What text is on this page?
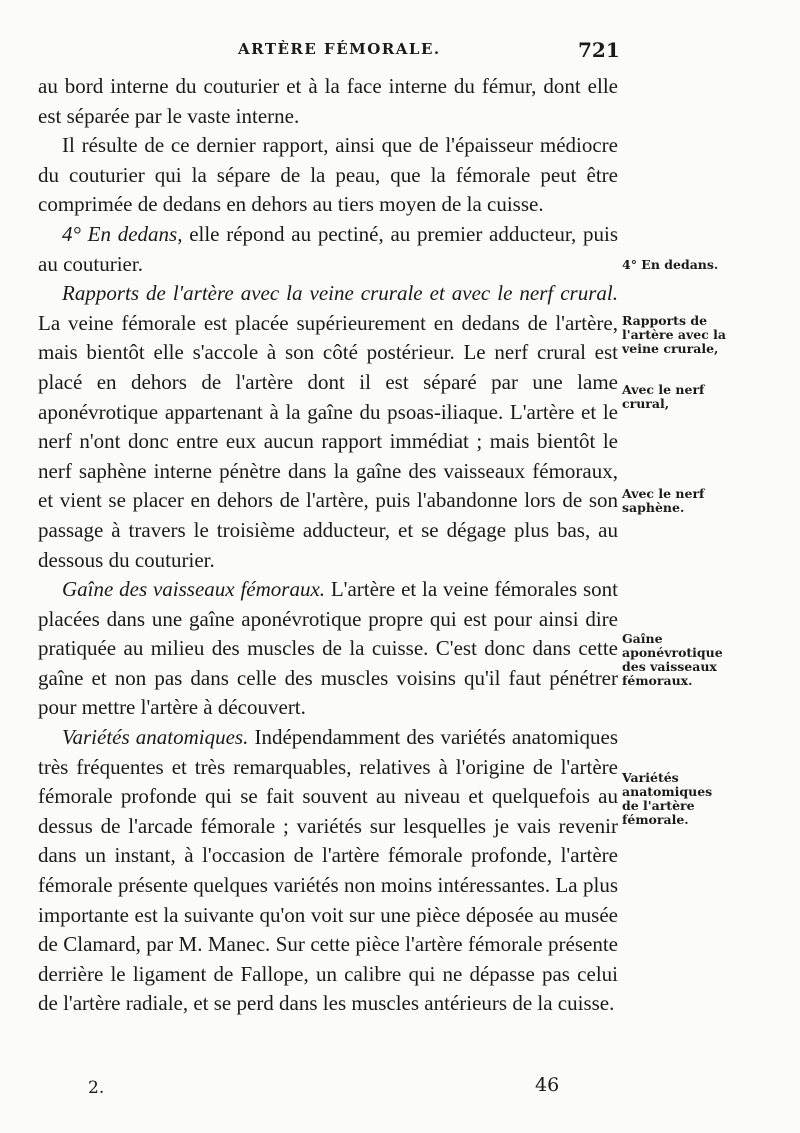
ARTÈRE FÉMORALE.	721

au bord interne du couturier et à la face interne du fémur, dont elle est séparée par le vaste interne.

Il résulte de ce dernier rapport, ainsi que de l'épaisseur médiocre du couturier qui la sépare de la peau, que la fémorale peut être comprimée de dedans en dehors au tiers moyen de la cuisse.

4° En dedans, elle répond au pectiné, au premier adducteur, puis au couturier.

Rapports de l'artère avec la veine crurale et avec le nerf crural. La veine fémorale est placée supérieurement en dedans de l'artère, mais bientôt elle s'accole à son côté postérieur. Le nerf crural est placé en dehors de l'artère dont il est séparé par une lame aponévrotique appartenant à la gaîne du psoas-iliaque. L'artère et le nerf n'ont donc entre eux aucun rapport immédiat ; mais bientôt le nerf saphène interne pénètre dans la gaîne des vaisseaux fémoraux, et vient se placer en dehors de l'artère, puis l'abandonne lors de son passage à travers le troisième adducteur, et se dégage plus bas, au dessous du couturier.

Gaîne des vaisseaux fémoraux. L'artère et la veine fémorales sont placées dans une gaîne aponévrotique propre qui est pour ainsi dire pratiquée au milieu des muscles de la cuisse. C'est donc dans cette gaîne et non pas dans celle des muscles voisins qu'il faut pénétrer pour mettre l'artère à découvert.

Variétés anatomiques. Indépendamment des variétés anatomiques très fréquentes et très remarquables, relatives à l'origine de l'artère fémorale profonde qui se fait souvent au niveau et quelquefois au dessus de l'arcade fémorale ; variétés sur lesquelles je vais revenir dans un instant, à l'occasion de l'artère fémorale profonde, l'artère fémorale présente quelques variétés non moins intéressantes. La plus importante est la suivante qu'on voit sur une pièce déposée au musée de Clamard, par M. Manec. Sur cette pièce l'artère fémorale présente derrière le ligament de Fallope, un calibre qui ne dépasse pas celui de l'artère radiale, et se perd dans les muscles antérieurs de la cuisse.

4° En dedans.
Rapports de l'artère avec la veine crurale,
Avec le nerf crural,
Avec le nerf saphène.
Gaîne aponévrotique des vaisseaux fémoraux.
Variétés anatomiques de l'artère fémorale.
2.	46
